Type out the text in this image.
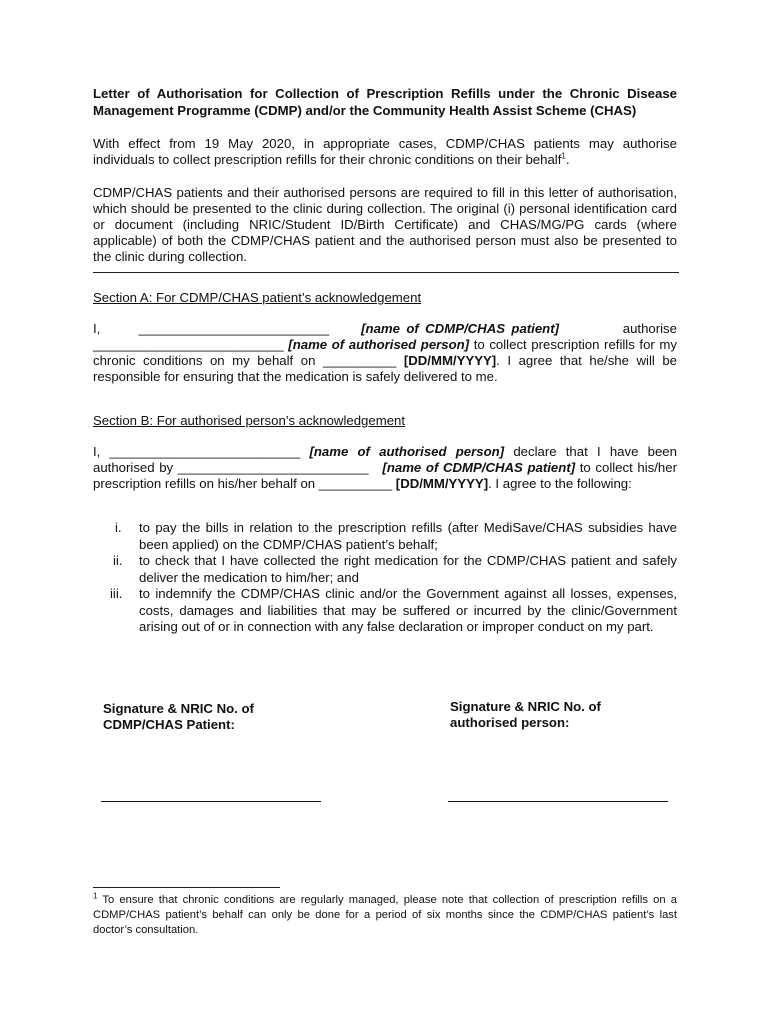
Letter of Authorisation for Collection of Prescription Refills under the Chronic Disease Management Programme (CDMP) and/or the Community Health Assist Scheme (CHAS)

With effect from 19 May 2020, in appropriate cases, CDMP/CHAS patients may authorise individuals to collect prescription refills for their chronic conditions on their behalf$^1$.

CDMP/CHAS patients and their authorised persons are required to fill in this letter of authorisation, which should be presented to the clinic during collection. The original (i) personal identification card or document (including NRIC/Student ID/Birth Certificate) and CHAS/MG/PG cards (where applicable) of both the CDMP/CHAS patient and the authorised person must also be presented to the clinic during collection.

Section A: For CDMP/CHAS patient’s acknowledgement

I,	__________________________ [name of CDMP/CHAS patient]	authorise __________________________ [name of authorised person] to collect prescription refills for my chronic conditions on my behalf on __________ [DD/MM/YYYY]. I agree that he/she will be responsible for ensuring that the medication is safely delivered to me.

Section B: For authorised person’s acknowledgement

I, __________________________ [name of authorised person] declare that I have been authorised by __________________________ [name of CDMP/CHAS patient] to collect his/her prescription refills on his/her behalf on __________ [DD/MM/YYYY]. I agree to the following:

i.	to pay the bills in relation to the prescription refills (after MediSave/CHAS subsidies have been applied) on the CDMP/CHAS patient’s behalf;
ii.	to check that I have collected the right medication for the CDMP/CHAS patient and safely deliver the medication to him/her; and
iii.	to indemnify the CDMP/CHAS clinic and/or the Government against all losses, expenses, costs, damages and liabilities that may be suffered or incurred by the clinic/Government arising out of or in connection with any false declaration or improper conduct on my part.
Signature & NRIC No. of
CDMP/CHAS Patient:
Signature & NRIC No. of
authorised person:

$^1$ To ensure that chronic conditions are regularly managed, please note that collection of prescription refills on a CDMP/CHAS patient’s behalf can only be done for a period of six months since the CDMP/CHAS patient’s last doctor’s consultation.
